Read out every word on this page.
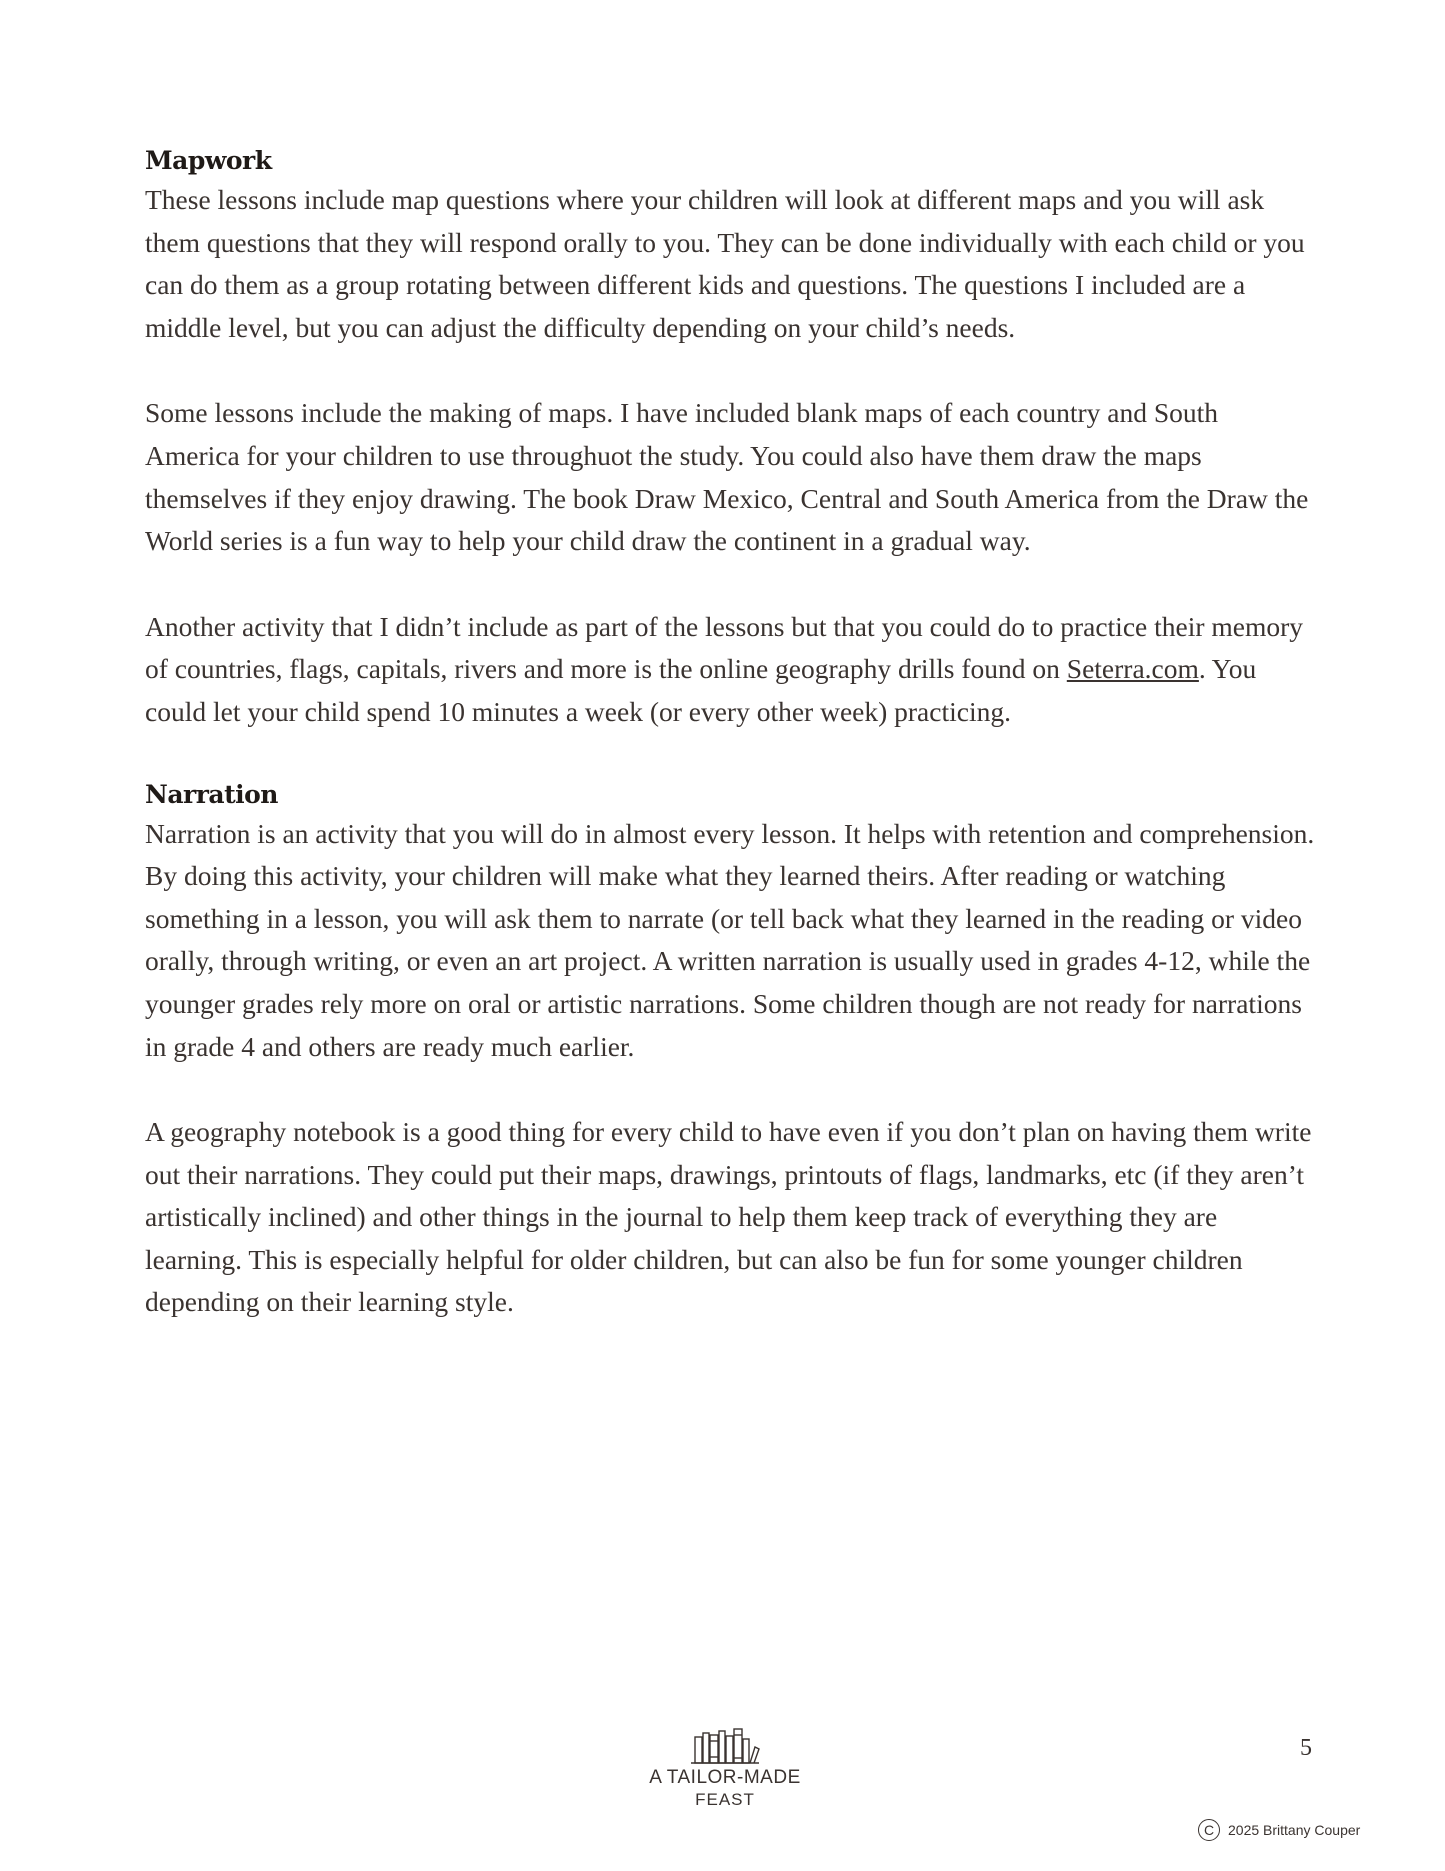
Mapwork

These lessons include map questions where your children will look at different maps and you will ask them questions that they will respond orally to you. They can be done individually with each child or you can do them as a group rotating between different kids and questions. The questions I included are a middle level, but you can adjust the difficulty depending on your child’s needs.

Some lessons include the making of maps. I have included blank maps of each country and South America for your children to use throughuot the study. You could also have them draw the maps themselves if they enjoy drawing. The book Draw Mexico, Central and South America from the Draw the World series is a fun way to help your child draw the continent in a gradual way.

Another activity that I didn’t include as part of the lessons but that you could do to practice their memory of countries, flags, capitals, rivers and more is the online geography drills found on Seterra.com. You could let your child spend 10 minutes a week (or every other week) practicing.

Narration

Narration is an activity that you will do in almost every lesson. It helps with retention and comprehension. By doing this activity, your children will make what they learned theirs. After reading or watching something in a lesson, you will ask them to narrate (or tell back what they learned in the reading or video orally, through writing, or even an art project. A written narration is usually used in grades 4-12, while the younger grades rely more on oral or artistic narrations. Some children though are not ready for narrations in grade 4 and others are ready much earlier.

A geography notebook is a good thing for every child to have even if you don’t plan on having them write out their narrations. They could put their maps, drawings, printouts of flags, landmarks, etc (if they aren’t artistically inclined) and other things in the journal to help them keep track of everything they are learning. This is especially helpful for older children, but can also be fun for some younger children depending on their learning style.

A TAILOR-MADE
FEAST
5
C 2025 Brittany Couper
